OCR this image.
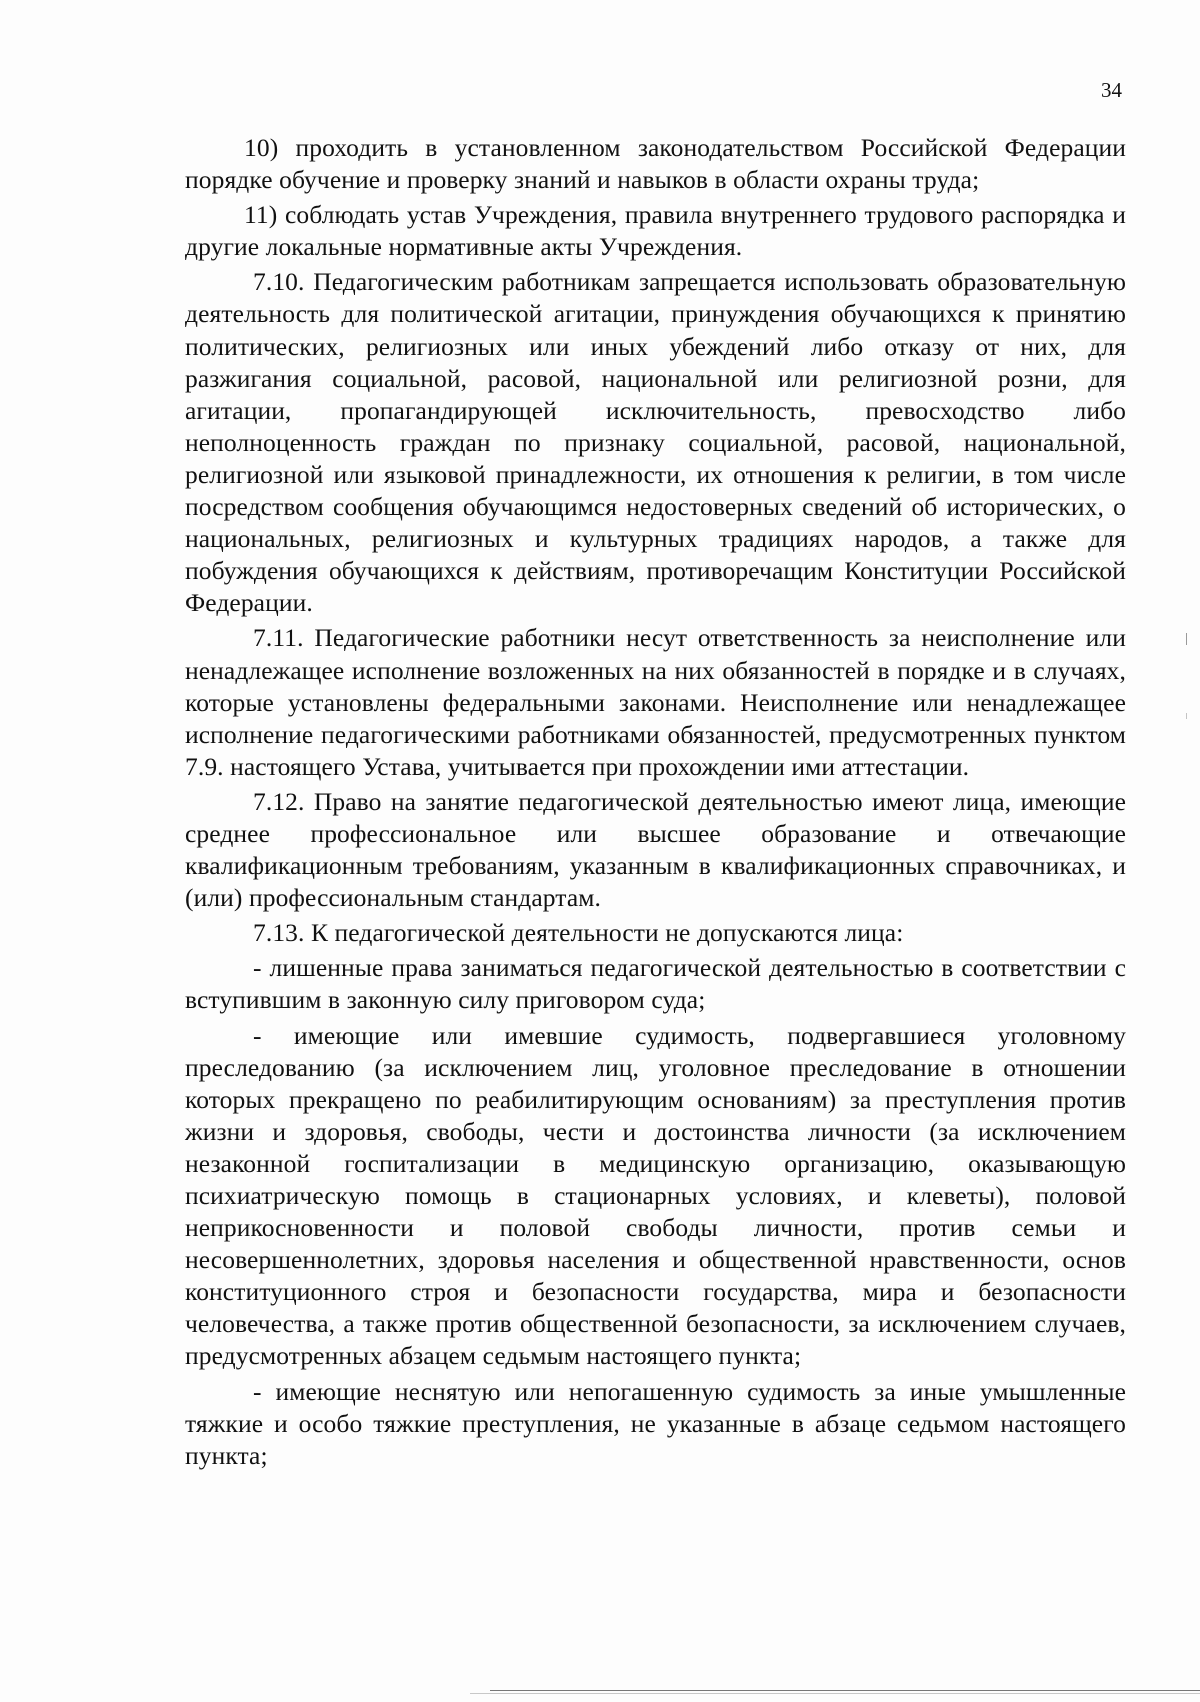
34

10) проходить в установленном законодательством Российской Федерации порядке обучение и проверку знаний и навыков в области охраны труда;

11) соблюдать устав Учреждения, правила внутреннего трудового распорядка и другие локальные нормативные акты Учреждения.

7.10. Педагогическим работникам запрещается использовать образовательную деятельность для политической агитации, принуждения обучающихся к принятию политических, религиозных или иных убеждений либо отказу от них, для разжигания социальной, расовой, национальной или религиозной розни, для агитации, пропагандирующей исключительность, превосходство либо неполноценность граждан по признаку социальной, расовой, национальной, религиозной или языковой принадлежности, их отношения к религии, в том числе посредством сообщения обучающимся недостоверных сведений об исторических, о национальных, религиозных и культурных традициях народов, а также для побуждения обучающихся к действиям, противоречащим Конституции Российской Федерации.

7.11. Педагогические работники несут ответственность за неисполнение или ненадлежащее исполнение возложенных на них обязанностей в порядке и в случаях, которые установлены федеральными законами. Неисполнение или ненадлежащее исполнение педагогическими работниками обязанностей, предусмотренных пунктом 7.9. настоящего Устава, учитывается при прохождении ими аттестации.

7.12. Право на занятие педагогической деятельностью имеют лица, имеющие среднее профессиональное или высшее образование и отвечающие квалификационным требованиям, указанным в квалификационных справочниках, и (или) профессиональным стандартам.

7.13. К педагогической деятельности не допускаются лица:

- лишенные права заниматься педагогической деятельностью в соответствии с вступившим в законную силу приговором суда;

- имеющие или имевшие судимость, подвергавшиеся уголовному преследованию (за исключением лиц, уголовное преследование в отношении которых прекращено по реабилитирующим основаниям) за преступления против жизни и здоровья, свободы, чести и достоинства личности (за исключением незаконной госпитализации в медицинскую организацию, оказывающую психиатрическую помощь в стационарных условиях, и клеветы), половой неприкосновенности и половой свободы личности, против семьи и несовершеннолетних, здоровья населения и общественной нравственности, основ конституционного строя и безопасности государства, мира и безопасности человечества, а также против общественной безопасности, за исключением случаев, предусмотренных абзацем седьмым настоящего пункта;

- имеющие неснятую или непогашенную судимость за иные умышленные тяжкие и особо тяжкие преступления, не указанные в абзаце седьмом настоящего пункта;
